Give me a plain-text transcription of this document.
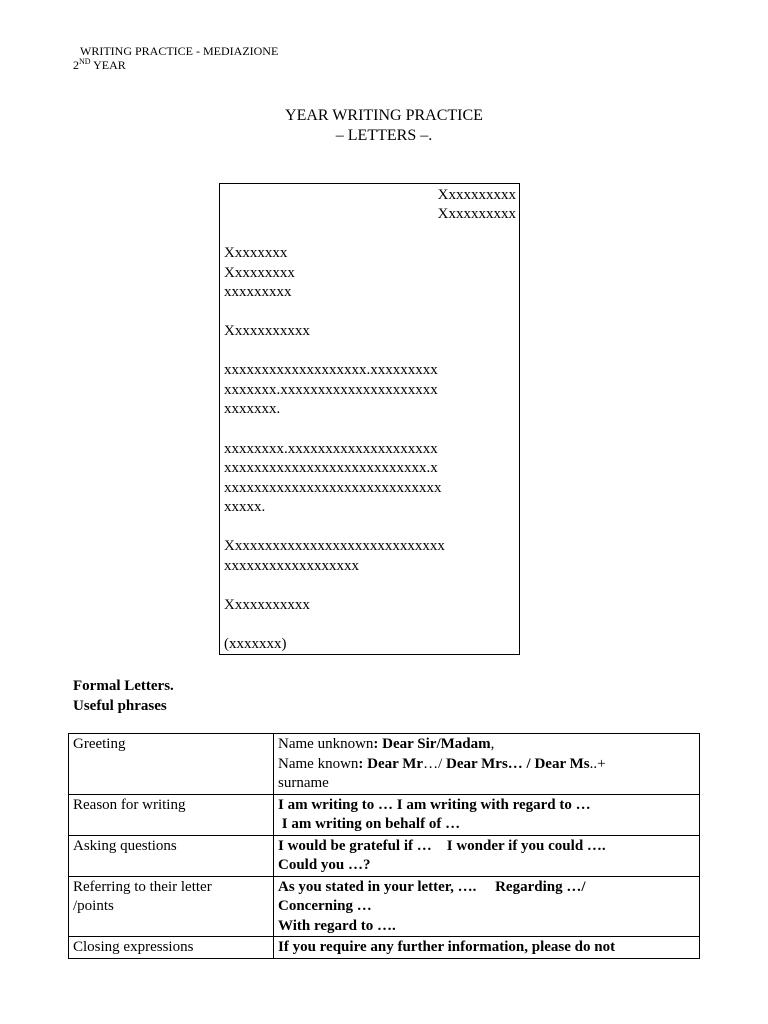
WRITING PRACTICE - MEDIAZIONE
2ND YEAR
YEAR WRITING PRACTICE
– LETTERS –.
Xxxxxxxxxx
Xxxxxxxxxx
Xxxxxxxx
Xxxxxxxxx
xxxxxxxxx
Xxxxxxxxxxx
xxxxxxxxxxxxxxxxxxx.xxxxxxxxx
xxxxxxx.xxxxxxxxxxxxxxxxxxxxx
xxxxxxx.
xxxxxxxx.xxxxxxxxxxxxxxxxxxxx
xxxxxxxxxxxxxxxxxxxxxxxxxxx.x
xxxxxxxxxxxxxxxxxxxxxxxxxxxxx
xxxxx.
Xxxxxxxxxxxxxxxxxxxxxxxxxxxxx
xxxxxxxxxxxxxxxxxx
Xxxxxxxxxxx
(xxxxxxx)
Formal Letters.
Useful phrases
Greeting	Name unknown: Dear Sir/Madam,
Name known: Dear Mr…/ Dear Mrs… / Dear Ms..+
surname

Reason for writing	I am writing to … I am writing with regard to …
I am writing on behalf of …

Asking questions	I would be grateful if …    I wonder if you could ….
Could you …?

Referring to their letter
/points	As you stated in your letter, ….     Regarding …/
Concerning …
With regard to ….

Closing expressions	If you require any further information, please do not
